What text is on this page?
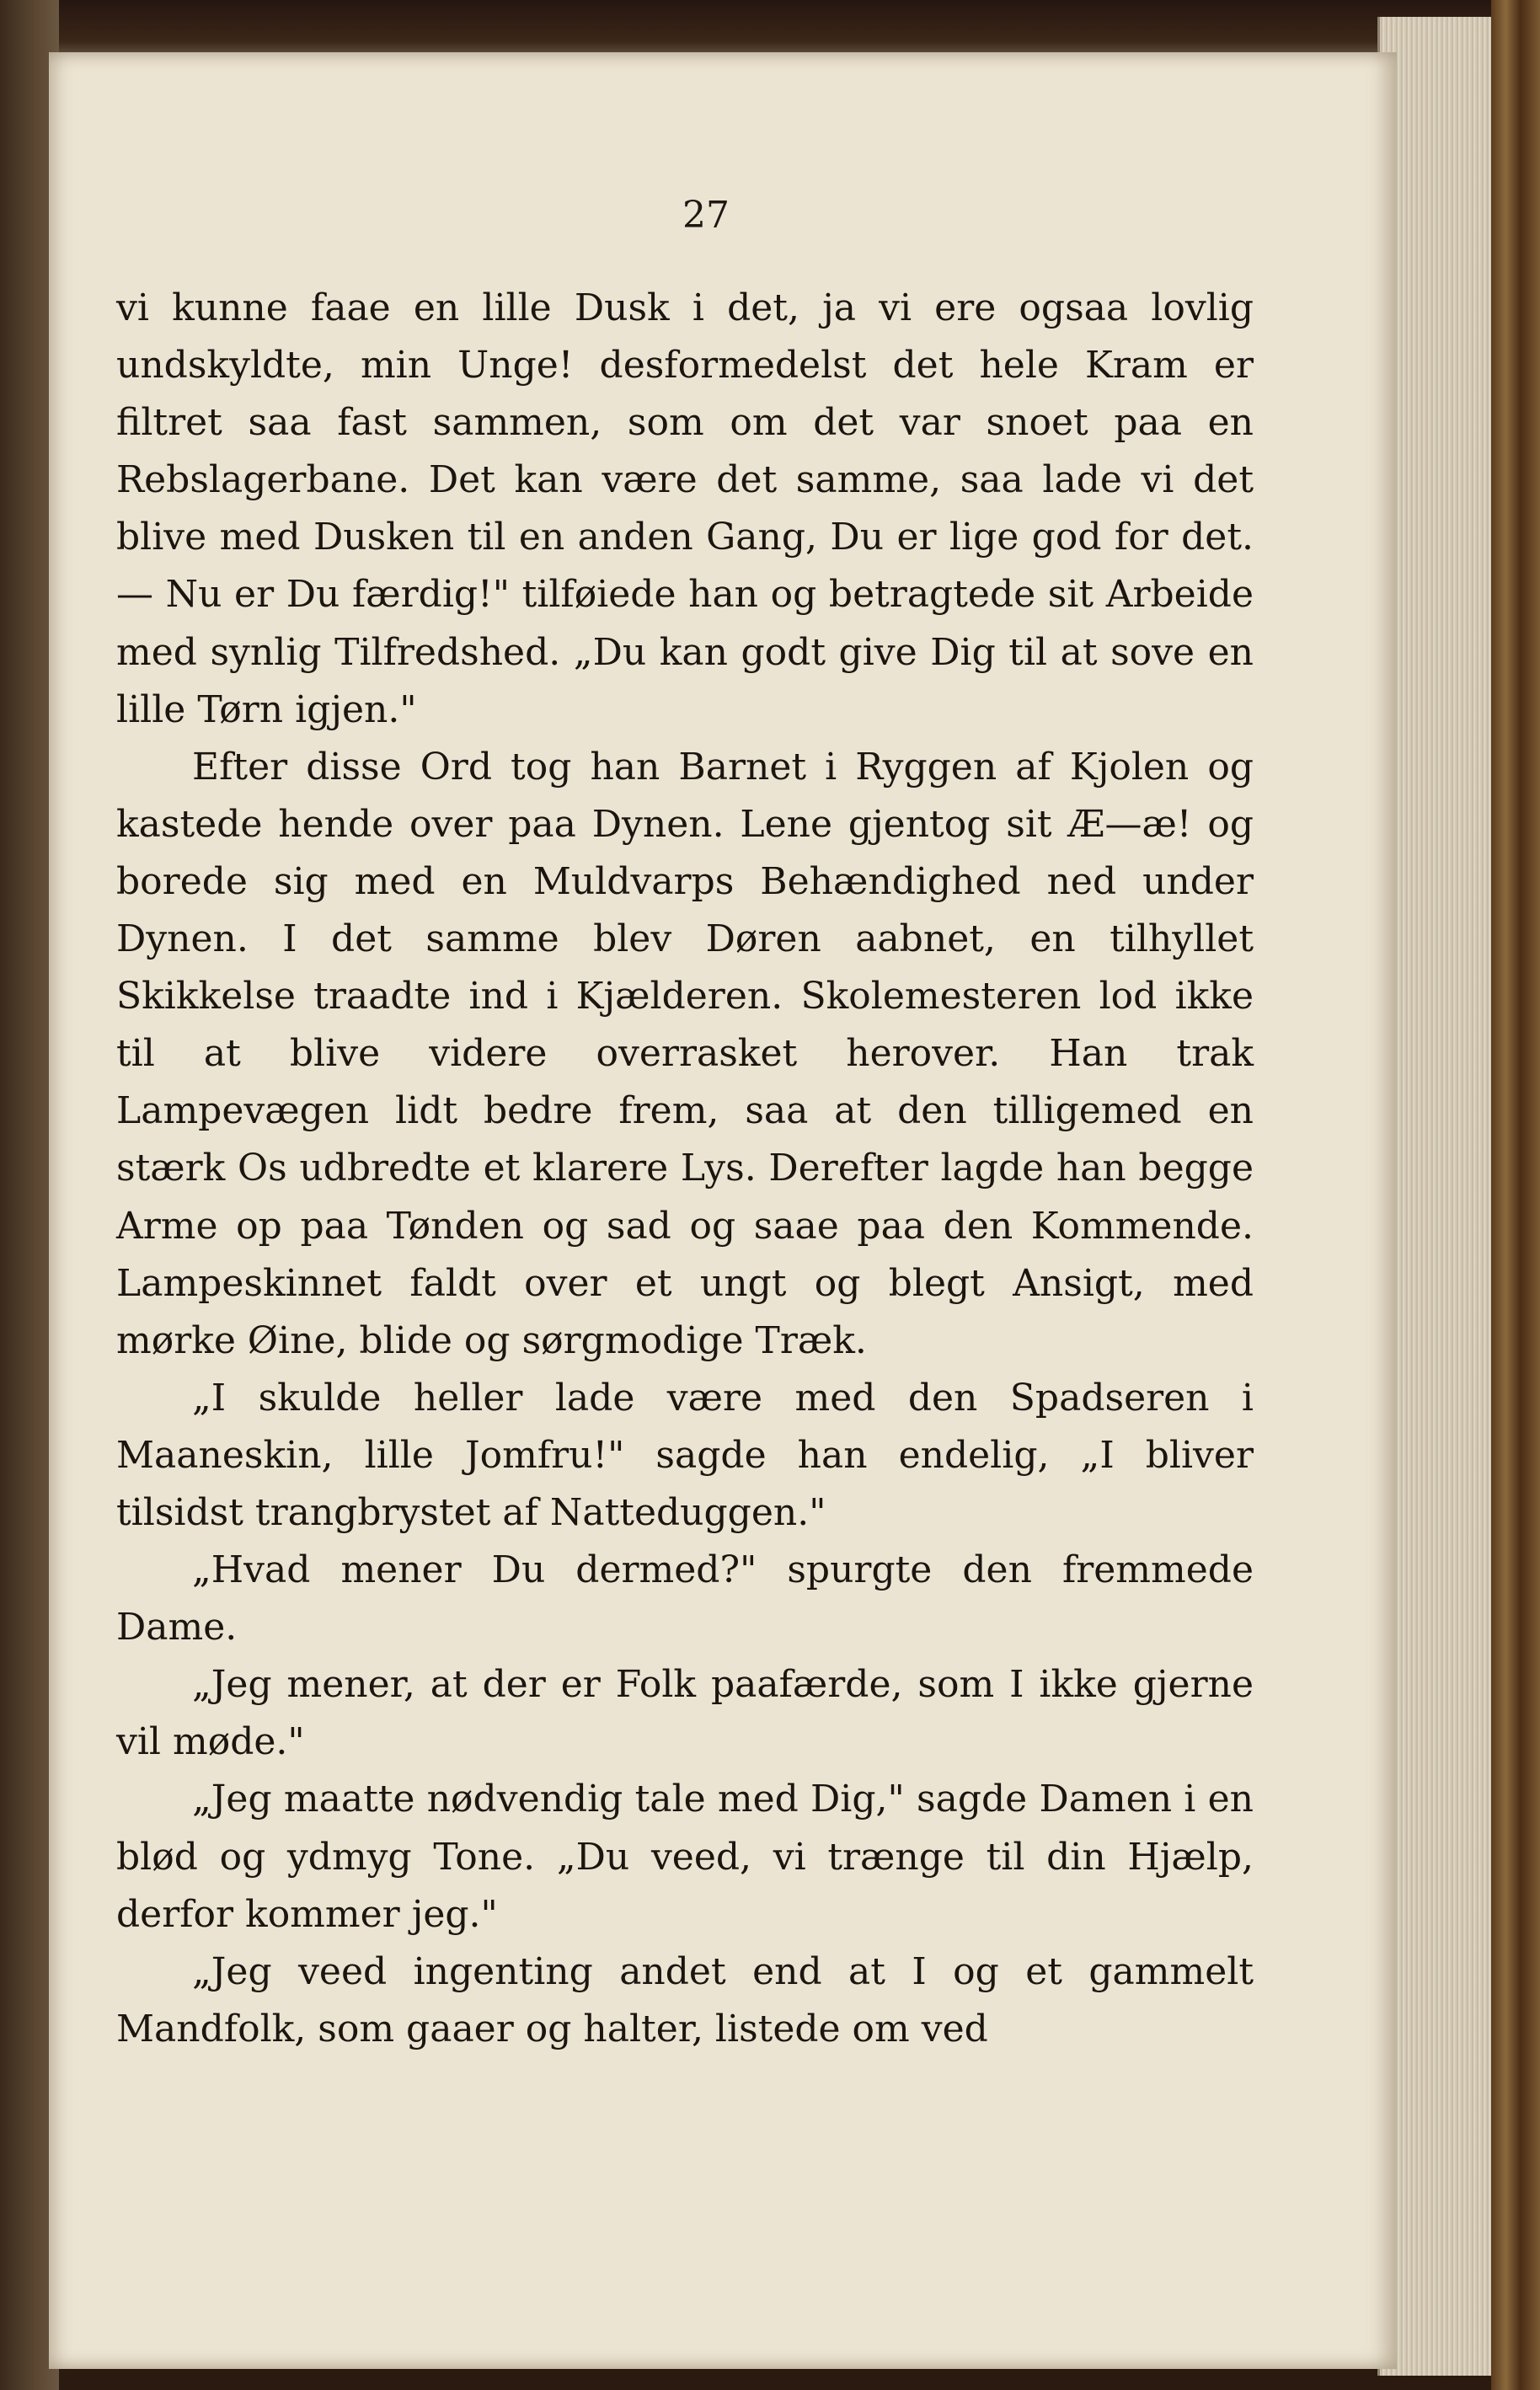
27

vi kunne faae en lille Dusk i det, ja vi ere ogsaa lovlig undskyldte, min Unge! desformedelst det hele Kram er filtret saa fast sammen, som om det var snoet paa en Rebslagerbane. Det kan være det samme, saa lade vi det blive med Dusken til en anden Gang, Du er lige god for det. — Nu er Du færdig!" tilføiede han og betragtede sit Arbeide med synlig Tilfredshed. „Du kan godt give Dig til at sove en lille Tørn igjen."

Efter disse Ord tog han Barnet i Ryggen af Kjolen og kastede hende over paa Dynen. Lene gjentog sit Æ—æ! og borede sig med en Muldvarps Behændighed ned under Dynen. I det samme blev Døren aabnet, en tilhyllet Skikkelse traadte ind i Kjælderen. Skolemesteren lod ikke til at blive videre overrasket herover. Han trak Lampevægen lidt bedre frem, saa at den tilligemed en stærk Os udbredte et klarere Lys. Derefter lagde han begge Arme op paa Tønden og sad og saae paa den Kommende. Lampeskinnet faldt over et ungt og blegt Ansigt, med mørke Øine, blide og sørgmodige Træk.

„I skulde heller lade være med den Spadseren i Maaneskin, lille Jomfru!" sagde han endelig, „I bliver tilsidst trangbrystet af Natteduggen."

„Hvad mener Du dermed?" spurgte den fremmede Dame.

„Jeg mener, at der er Folk paafærde, som I ikke gjerne vil møde."

„Jeg maatte nødvendig tale med Dig," sagde Damen i en blød og ydmyg Tone. „Du veed, vi trænge til din Hjælp, derfor kommer jeg."

„Jeg veed ingenting andet end at I og et gammelt Mandfolk, som gaaer og halter, listede om ved
